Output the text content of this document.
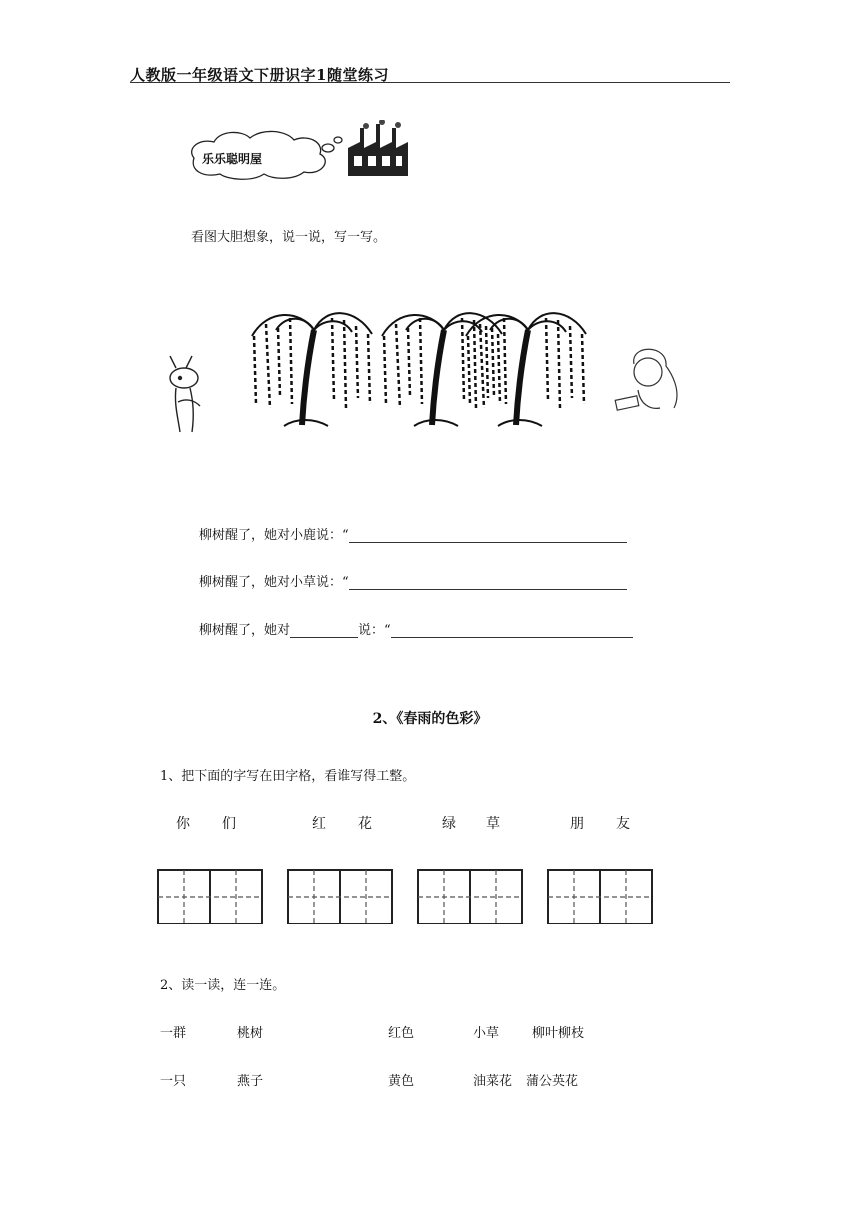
人教版一年级语文下册识字1随堂练习
乐乐聪明屋
看图大胆想象，说一说，写一写。
柳树醒了，她对小鹿说：“
柳树醒了，她对小草说：“
柳树醒了，她对	说：“
2、《春雨的色彩》
1、把下面的字写在田字格，看谁写得工整。
你 们	红 花	绿 草	朋 友
2、读一读，连一连。
一群	桃树	红色	小草	柳叶柳枝
一只	燕子	黄色	油菜花 蒲公英花
